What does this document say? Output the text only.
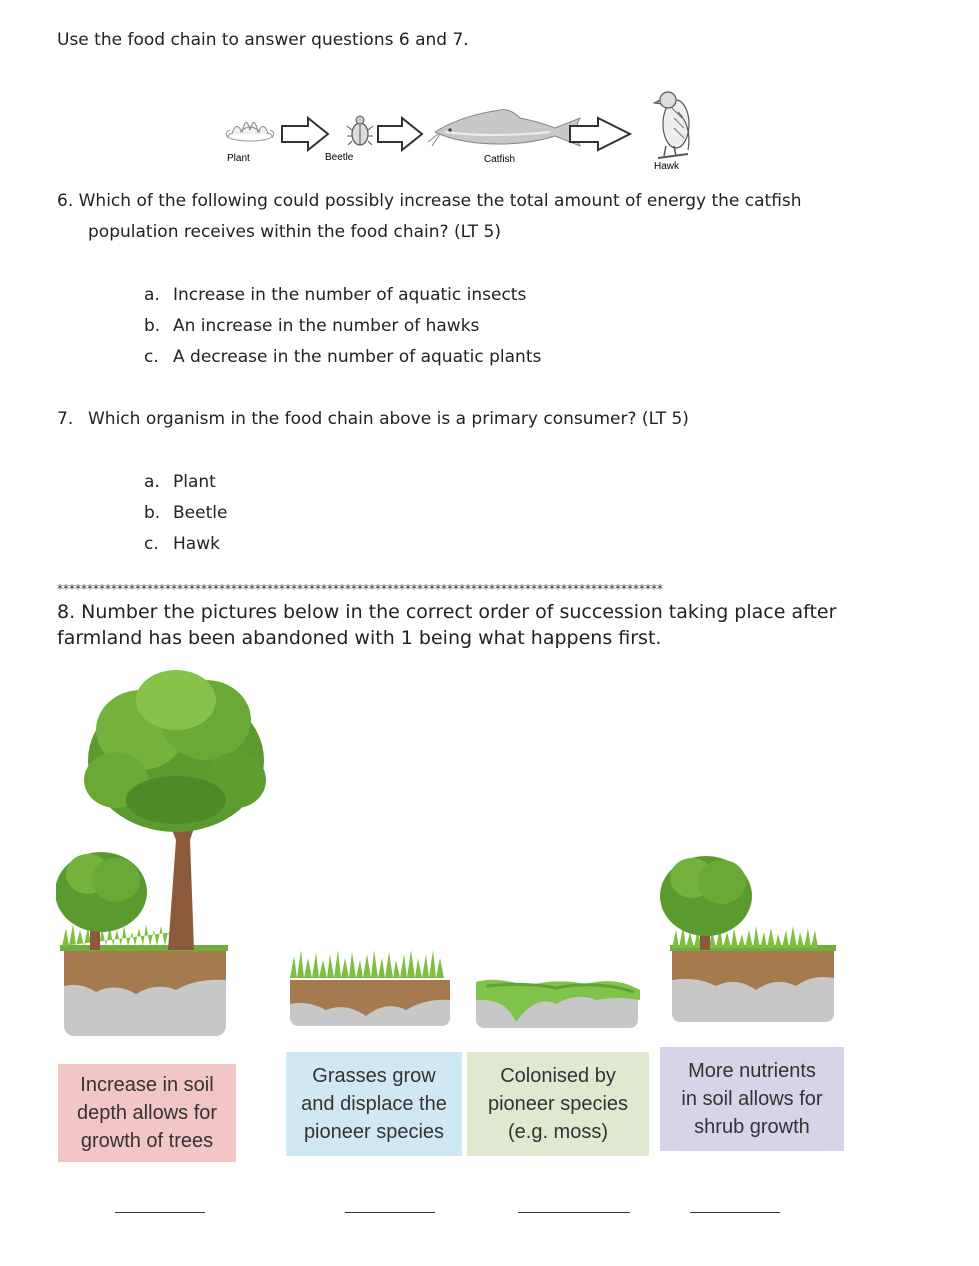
Use the food chain to answer questions 6 and 7.
Plant	Beetle	Catfish
Hawk
6. Which of the following could possibly increase the total amount of energy the catfish
population receives within the food chain? (LT 5)
a. Increase in the number of aquatic insects
b. An increase in the number of hawks
c. A decrease in the number of aquatic plants
7. Which organism in the food chain above is a primary consumer? (LT 5)
a. Plant
b. Beetle
c. Hawk
*****************************************************************************************************
8. Number the pictures below in the correct order of succession taking place after
farmland has been abandoned with 1 being what happens first.
Increase in soil
depth allows for
growth of trees
Grasses grow
and displace the
pioneer species
Colonised by
pioneer species
(e.g. moss)
More nutrients
in soil allows for
shrub growth
